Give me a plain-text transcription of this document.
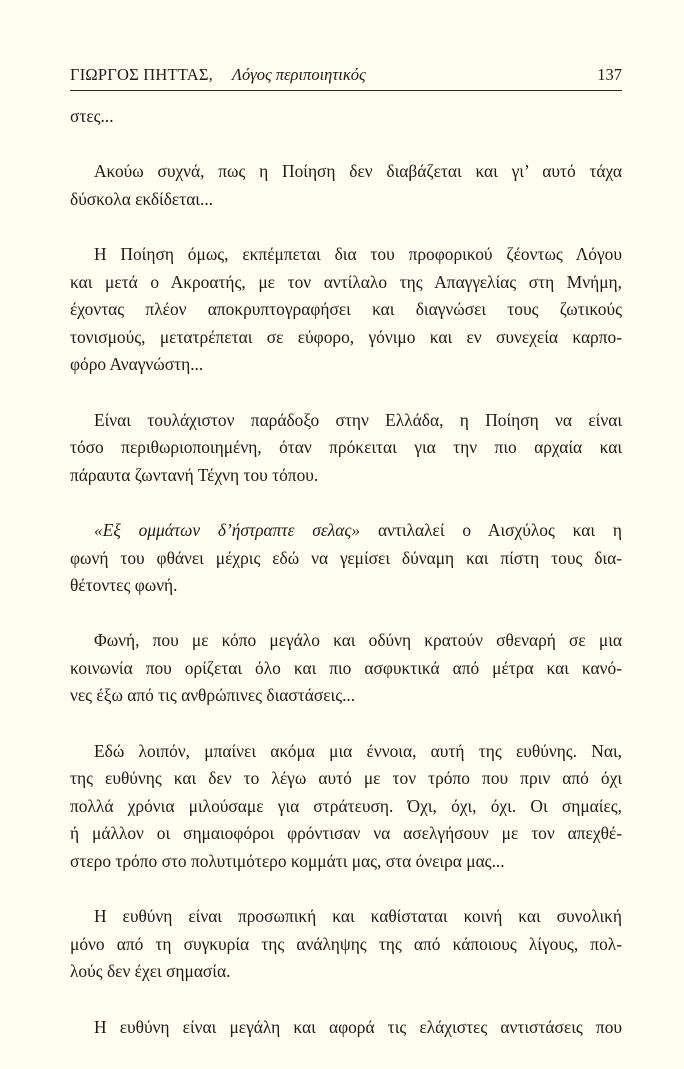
ΓΙΩΡΓΟΣ ΠΗΤΤΑΣ, Λόγος περιποιητικός	137

στες...

Ακούω συχνά, πως η Ποίηση δεν διαβάζεται και γι’ αυτό τάχα
δύσκολα εκδίδεται...

Η Ποίηση όμως, εκπέμπεται δια του προφορικού ζέοντως Λόγου
και μετά ο Ακροατής, με τον αντίλαλο της Απαγγελίας στη Μνήμη,
έχοντας πλέον αποκρυπτογραφήσει και διαγνώσει τους ζωτικούς
τονισμούς, μετατρέπεται σε εύφορο, γόνιμο και εν συνεχεία καρπο-
φόρο Αναγνώστη...

Είναι τουλάχιστον παράδοξο στην Ελλάδα, η Ποίηση να είναι
τόσο περιθωριοποιημένη, όταν πρόκειται για την πιο αρχαία και
πάραυτα ζωντανή Τέχνη του τόπου.

«Εξ ομμάτων δ’ήστραπτε σελας» αντιλαλεί ο Αισχύλος και η
φωνή του φθάνει μέχρις εδώ να γεμίσει δύναμη και πίστη τους δια-
θέτοντες φωνή.

Φωνή, που με κόπο μεγάλο και οδύνη κρατούν σθεναρή σε μια
κοινωνία που ορίζεται όλο και πιο ασφυκτικά από μέτρα και κανό-
νες έξω από τις ανθρώπινες διαστάσεις...

Εδώ λοιπόν, μπαίνει ακόμα μια έννοια, αυτή της ευθύνης. Ναι,
της ευθύνης και δεν το λέγω αυτό με τον τρόπο που πριν από όχι
πολλά χρόνια μιλούσαμε για στράτευση. Όχι, όχι, όχι. Οι σημαίες,
ή μάλλον οι σημαιοφόροι φρόντισαν να ασελγήσουν με τον απεχθέ-
στερο τρόπο στο πολυτιμότερο κομμάτι μας, στα όνειρα μας...

Η ευθύνη είναι προσωπική και καθίσταται κοινή και συνολική
μόνο από τη συγκυρία της ανάληψης της από κάποιους λίγους, πολ-
λούς δεν έχει σημασία.

Η ευθύνη είναι μεγάλη και αφορά τις ελάχιστες αντιστάσεις που
